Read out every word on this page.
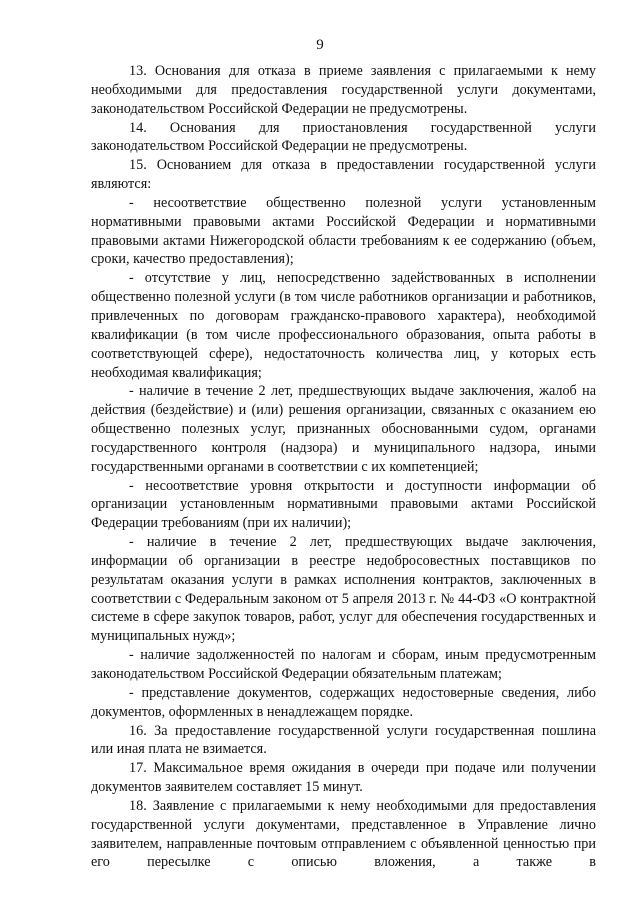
9

13. Основания для отказа в приеме заявления с прилагаемыми к нему необходимыми для предоставления государственной услуги документами, законодательством Российской Федерации не предусмотрены.

14. Основания для приостановления государственной услуги законодательством Российской Федерации не предусмотрены.

15. Основанием для отказа в предоставлении государственной услуги являются:

- несоответствие общественно полезной услуги установленным нормативными правовыми актами Российской Федерации и нормативными правовыми актами Нижегородской области требованиям к ее содержанию (объем, сроки, качество предоставления);

- отсутствие у лиц, непосредственно задействованных в исполнении общественно полезной услуги (в том числе работников организации и работников, привлеченных по договорам гражданско-правового характера), необходимой квалификации (в том числе профессионального образования, опыта работы в соответствующей сфере), недостаточность количества лиц, у которых есть необходимая квалификация;

- наличие в течение 2 лет, предшествующих выдаче заключения, жалоб на действия (бездействие) и (или) решения организации, связанных с оказанием ею общественно полезных услуг, признанных обоснованными судом, органами государственного контроля (надзора) и муниципального надзора, иными государственными органами в соответствии с их компетенцией;

- несоответствие уровня открытости и доступности информации об организации установленным нормативными правовыми актами Российской Федерации требованиям (при их наличии);

- наличие в течение 2 лет, предшествующих выдаче заключения, информации об организации в реестре недобросовестных поставщиков по результатам оказания услуги в рамках исполнения контрактов, заключенных в соответствии с Федеральным законом от 5 апреля 2013 г. № 44-ФЗ «О контрактной системе в сфере закупок товаров, работ, услуг для обеспечения государственных и муниципальных нужд»;

- наличие задолженностей по налогам и сборам, иным предусмотренным законодательством Российской Федерации обязательным платежам;

- представление документов, содержащих недостоверные сведения, либо документов, оформленных в ненадлежащем порядке.

16. За предоставление государственной услуги государственная пошлина или иная плата не взимается.

17. Максимальное время ожидания в очереди при подаче или получении документов заявителем составляет 15 минут.

18. Заявление с прилагаемыми к нему необходимыми для предоставления государственной услуги документами, представленное в Управление лично заявителем, направленные почтовым отправлением с объявленной ценностью при его пересылке с описью вложения, а также в
